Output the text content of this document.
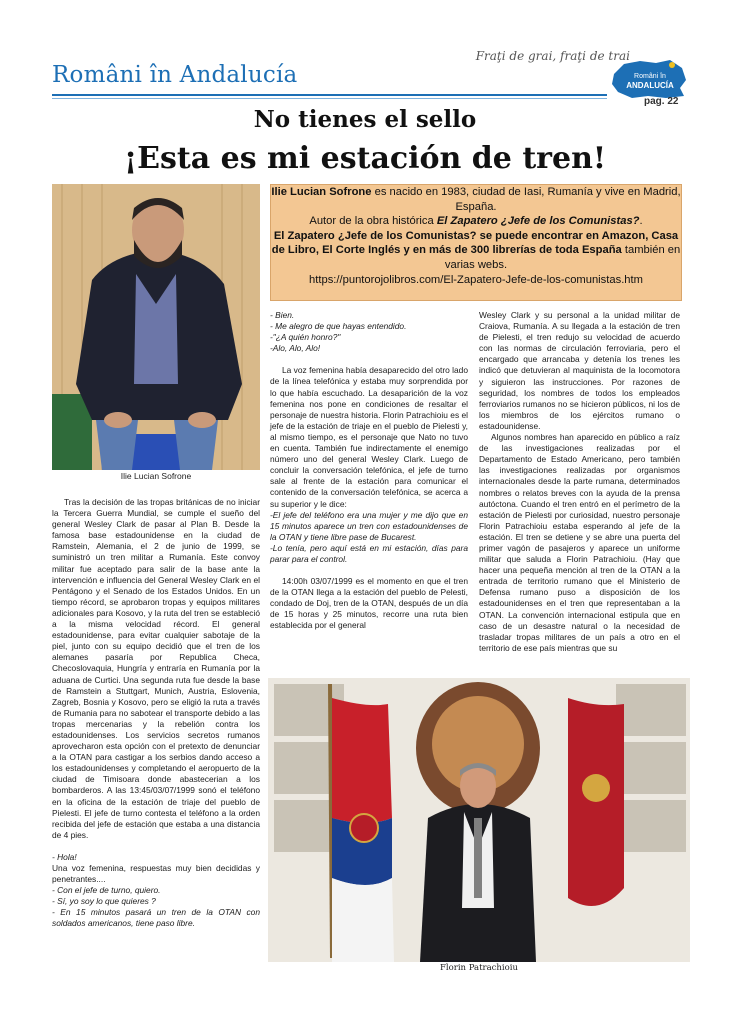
Români în Andalucía
Fraţi de grai, fraţi de trai
Români în
ANDALUCÍA
pag. 22
No tienes el sello
¡Esta es mi estación de tren!
Ilie Lucian Sofrone
Ilie Lucian Sofrone es nacido en 1983, ciudad de Iasi, Rumanía y vive en Madrid, España.
Autor de la obra histórica El Zapatero ¿Jefe de los Comunistas?.
El Zapatero ¿Jefe de los Comunistas? se puede encontrar en Amazon, Casa de Libro, El Corte Inglés y en más de 300 librerías de toda España también en varias webs.
https://puntorojolibros.com/El-Zapatero-Jefe-de-los-comunistas.htm

Tras la decisión de las tropas británicas de no iniciar la Tercera Guerra Mundial, se cumple el sueño del general Wesley Clark de pasar al Plan B. Desde la famosa base estadounidense en la ciudad de Ramstein, Alemania, el 2 de junio de 1999, se suministró un tren militar a Rumanía. Este convoy militar fue aceptado para salir de la base ante la intervención e influencia del General Wesley Clark en el Pentágono y el Senado de los Estados Unidos. En un tiempo récord, se aprobaron tropas y equipos militares adicionales para Kosovo, y la ruta del tren se estableció a la misma velocidad récord. El general estadounidense, para evitar cualquier sabotaje de la piel, junto con su equipo decidió que el tren de los alemanes pasaría por Republica Checa, Checoslovaquia, Hungría y entraría en Rumanía por la aduana de Curtici. Una segunda ruta fue desde la base de Ramstein a Stuttgart, Munich, Austria, Eslovenia, Zagreb, Bosnia y Kosovo, pero se eligió la ruta a través de Rumania para no sabotear el transporte debido a las tropas mercenarias y la rebelión contra los estadounidenses. Los servicios secretos rumanos aprovecharon esta opción con el pretexto de denunciar a la OTAN para castigar a los serbios dando acceso a los estadounidenses y completando el aeropuerto de la ciudad de Timisoara donde abastecerian a los bombarderos. A las 13:45/03/07/1999 sonó el teléfono en la oficina de la estación de triaje del pueblo de Pielesti. El jefe de turno contesta el teléfono a la orden recibida del jefe de estación que estaba a una distancia de 4 pies.

- Hola!

Una voz femenina, respuestas muy bien decididas y penetrantes....

- Con el jefe de turno, quiero.

- Sí, yo soy lo que quieres ?

- En 15 minutos pasará un tren de la OTAN con soldados americanos, tiene paso libre.

- Bien.

- Me alegro de que hayas entendido.

-"¿A quién honro?"

-Alo, Alo, Alo!

La voz femenina había desaparecido del otro lado de la línea telefónica y estaba muy sorprendida por lo que había escuchado. La desaparición de la voz femenina nos pone en condiciones de resaltar el personaje de nuestra historia. Florin Patrachioiu es el jefe de la estación de triaje en el pueblo de Pielesti y, al mismo tiempo, es el personaje que Nato no tuvo en cuenta. También fue indirectamente el enemigo número uno del general Wesley Clark. Luego de concluir la conversación telefónica, el jefe de turno sale al frente de la estación para comunicar el contenido de la conversación telefónica, se acerca a su superior y le dice:

-El jefe del teléfono era una mujer y me dijo que en 15 minutos aparece un tren con estadounidenses de la OTAN y tiene libre pase de Bucarest.

-Lo tenía, pero aquí está en mi estación, días para parar para el control.

14:00h 03/07/1999 es el momento en que el tren de la OTAN llega a la estación del pueblo de Pelesti, condado de Doj, tren de la OTAN, después de un día de 15 horas y 25 minutos, recorre una ruta bien establecida por el general

Wesley Clark y su personal a la unidad militar de Craiova, Rumanía. A su llegada a la estación de tren de Pielesti, el tren redujo su velocidad de acuerdo con las normas de circulación ferroviaria, pero el encargado que arrancaba y detenía los trenes les indicó que detuvieran al maquinista de la locomotora y siguieron las instrucciones. Por razones de seguridad, los nombres de todos los empleados ferroviarios rumanos no se hicieron públicos, ni los de los miembros de los ejércitos rumano o estadounidense.

Algunos nombres han aparecido en público a raíz de las investigaciones realizadas por el Departamento de Estado Americano, pero también las investigaciones realizadas por organismos internacionales desde la parte rumana, determinados nombres o relatos breves con la ayuda de la prensa autóctona. Cuando el tren entró en el perímetro de la estación de Pielesti por curiosidad, nuestro personaje Florin Patrachioiu estaba esperando al jefe de la estación. El tren se detiene y se abre una puerta del primer vagón de pasajeros y aparece un uniforme militar que saluda a Florin Patrachioiu. (Hay que hacer una pequeña mención al tren de la OTAN a la entrada de territorio rumano que el Ministerio de Defensa rumano puso a disposición de los estadounidenses en el tren que representaban a la OTAN. La convención internacional estipula que en caso de un desastre natural o la necesidad de trasladar tropas militares de un país a otro en el territorio de ese país mientras que su

Florin Patrachioiu
